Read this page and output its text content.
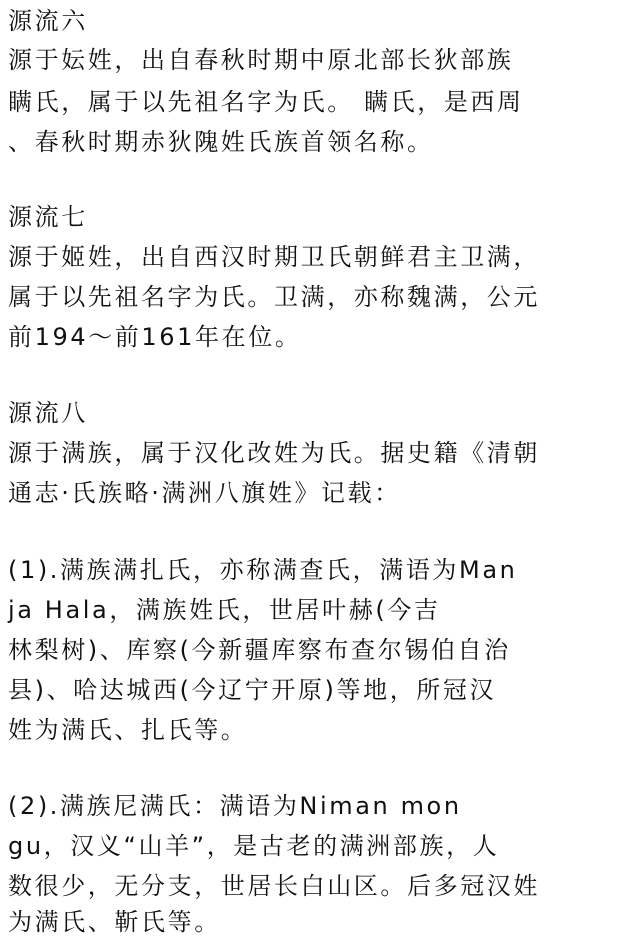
源流六
源于妘姓，出自春秋时期中原北部长狄部族
瞒氏，属于以先祖名字为氏。 瞒氏，是西周
、春秋时期赤狄隗姓氏族首领名称。
源流七
源于姬姓，出自西汉时期卫氏朝鲜君主卫满，
属于以先祖名字为氏。卫满，亦称魏满，公元
前194～前161年在位。
源流八
源于满族，属于汉化改姓为氏。据史籍《清朝
通志·氏族略·满洲八旗姓》记载：
(1).满族满扎氏，亦称满查氏，满语为Man
ja Hala，满族姓氏，世居叶赫(今吉
林梨树)、库察(今新疆库察布查尔锡伯自治
县)、哈达城西(今辽宁开原)等地，所冠汉
姓为满氏、扎氏等。
(2).满族尼满氏：满语为Niman mon
gu，汉义“山羊”，是古老的满洲部族，人
数很少，无分支，世居长白山区。后多冠汉姓
为满氏、靳氏等。
